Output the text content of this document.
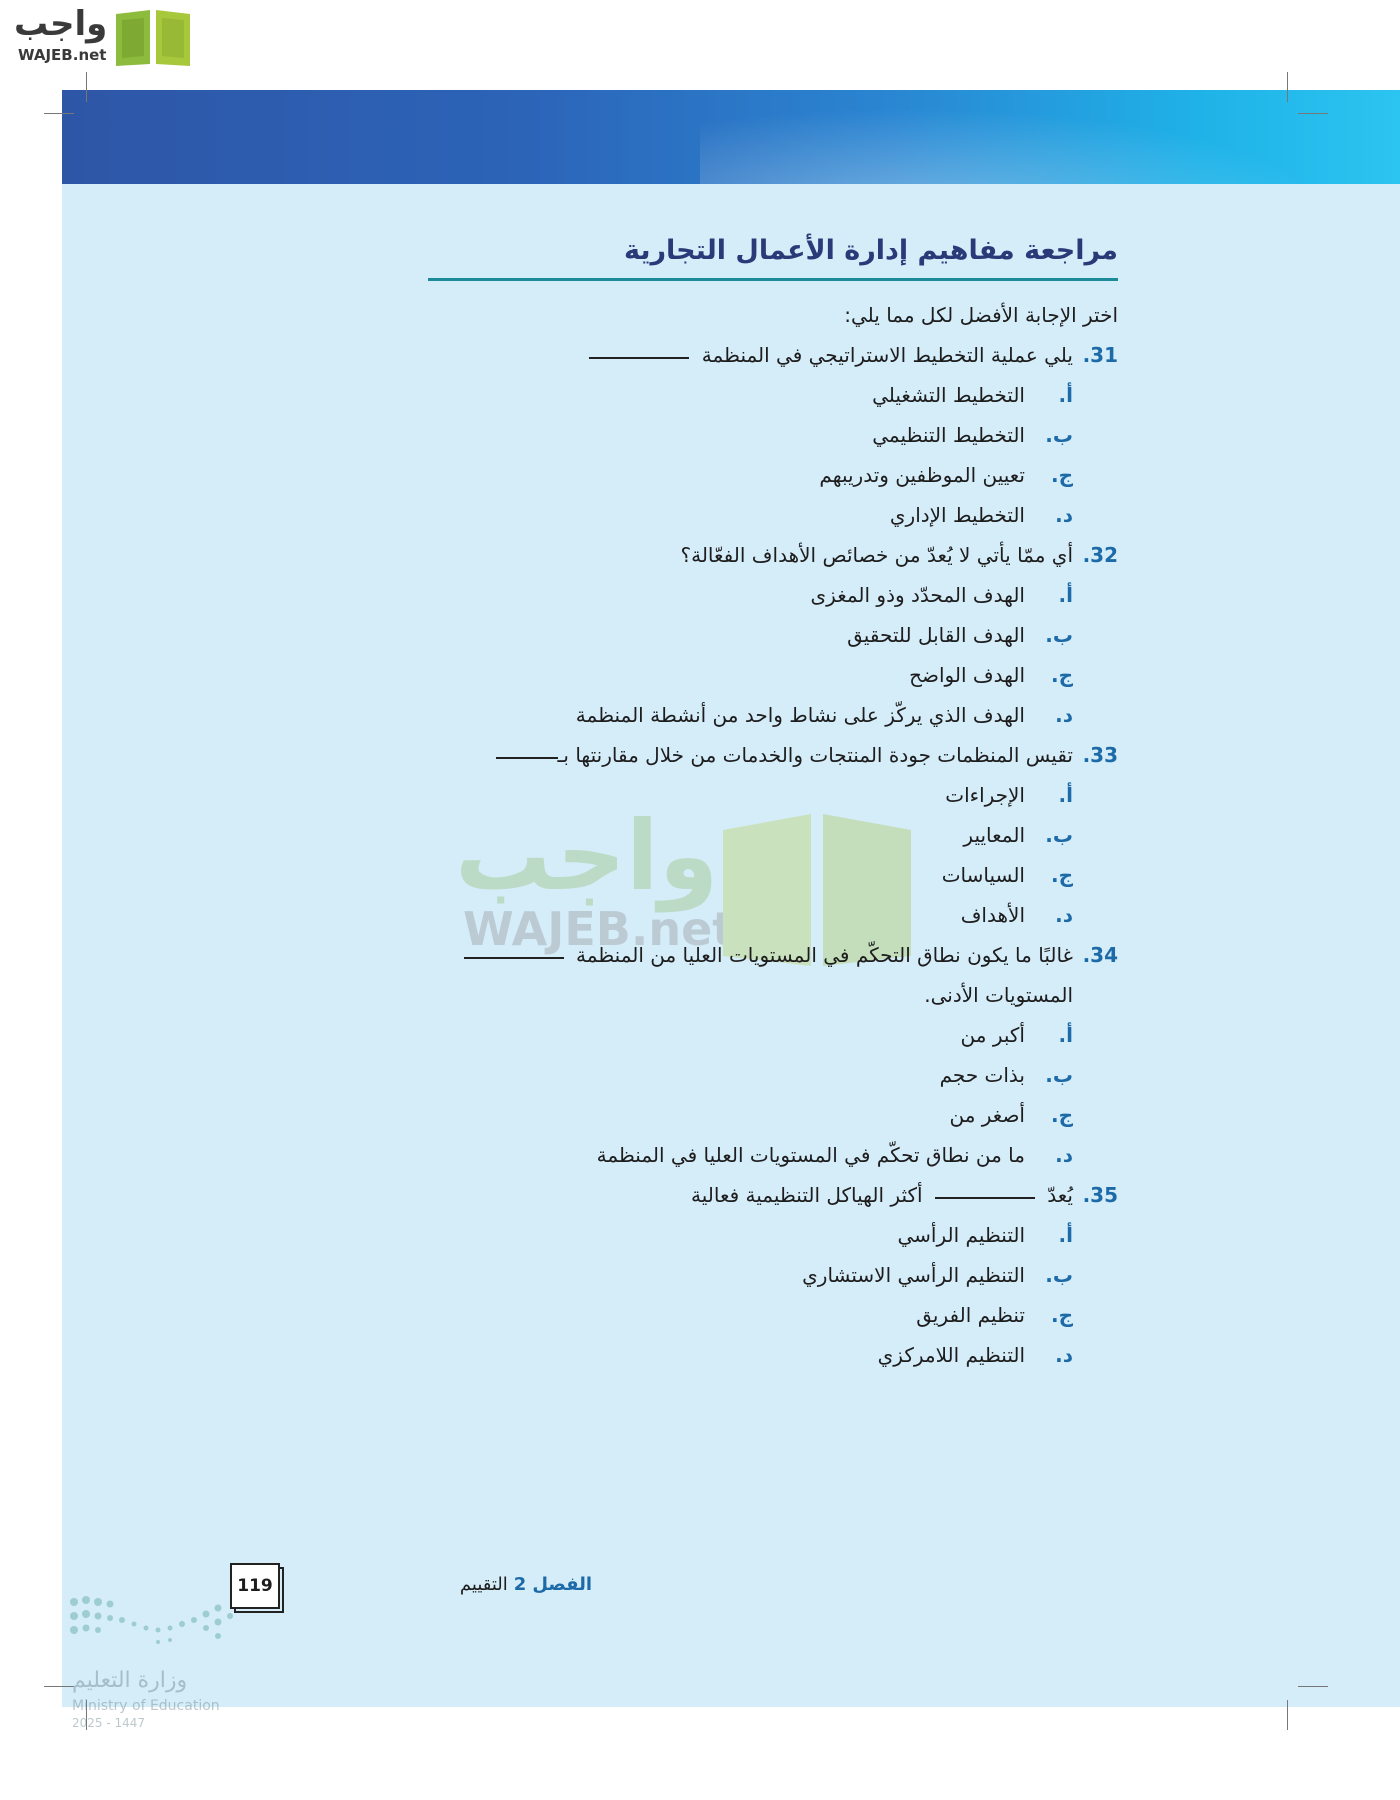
واجب
WAJEB.net
واجب
WAJEB.net
مراجعة مفاهيم إدارة الأعمال التجارية
اختر الإجابة الأفضل لكل مما يلي:
.31
يلي عملية التخطيط الاستراتيجي في المنظمة
أ.
التخطيط التشغيلي
ب.
التخطيط التنظيمي
ج.
تعيين الموظفين وتدريبهم
د.
التخطيط الإداري
.32
أي ممّا يأتي لا يُعدّ من خصائص الأهداف الفعّالة؟
أ.
الهدف المحدّد وذو المغزى
ب.
الهدف القابل للتحقيق
ج.
الهدف الواضح
د.
الهدف الذي يركّز على نشاط واحد من أنشطة المنظمة
.33
تقيس المنظمات جودة المنتجات والخدمات من خلال مقارنتها بـ
أ.
الإجراءات
ب.
المعايير
ج.
السياسات
د.
الأهداف
.34
غالبًا ما يكون نطاق التحكّم في المستويات العليا من المنظمة
المستويات الأدنى.
أ.
أكبر من
ب.
بذات حجم
ج.
أصغر من
د.
ما من نطاق تحكّم في المستويات العليا في المنظمة
.35
يُعدّ  أكثر الهياكل التنظيمية فعالية
أ.
التنظيم الرأسي
ب.
التنظيم الرأسي الاستشاري
ج.
تنظيم الفريق
د.
التنظيم اللامركزي
الفصل2التقييم
119
وزارة التعليم
Ministry of Education
2025 - 1447
